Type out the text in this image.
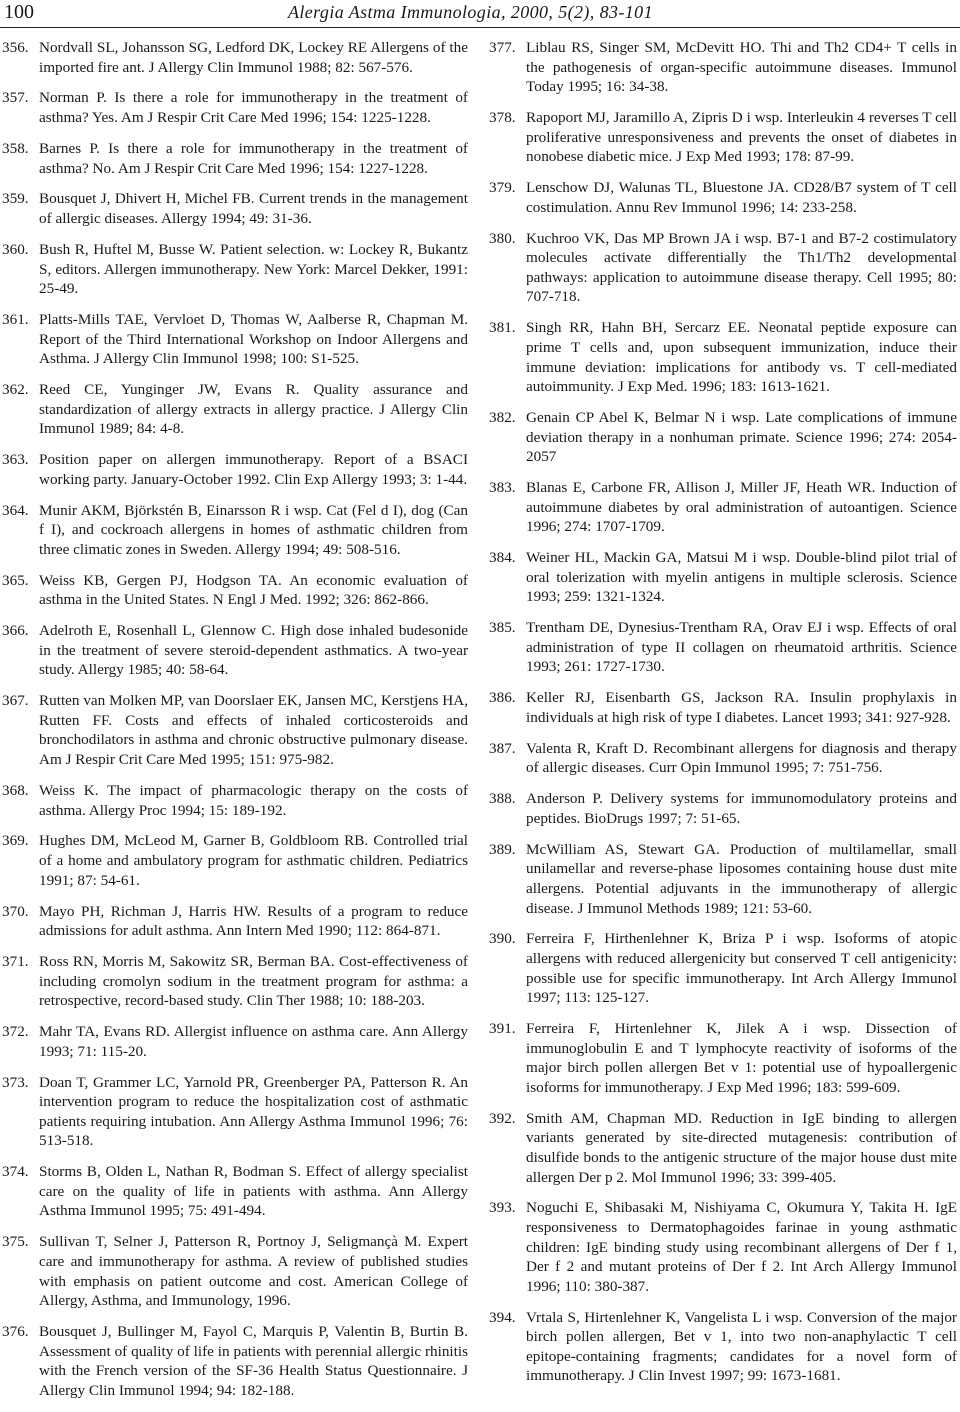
100	Alergia Astma Immunologia, 2000, 5(2), 83-101
356. Nordvall SL, Johansson SG, Ledford DK, Lockey RE Allergens of the imported fire ant. J Allergy Clin Immunol 1988; 82: 567-576.
357. Norman P. Is there a role for immunotherapy in the treatment of asthma? Yes. Am J Respir Crit Care Med 1996; 154: 1225-1228.
358. Barnes P. Is there a role for immunotherapy in the treatment of asthma? No. Am J Respir Crit Care Med 1996; 154: 1227-1228.
359. Bousquet J, Dhivert H, Michel FB. Current trends in the management of allergic diseases. Allergy 1994; 49: 31-36.
360. Bush R, Huftel M, Busse W. Patient selection. w: Lockey R, Bukantz S, editors. Allergen immunotherapy. New York: Marcel Dekker, 1991: 25-49.
361. Platts-Mills TAE, Vervloet D, Thomas W, Aalberse R, Chapman M. Report of the Third International Workshop on Indoor Allergens and Asthma. J Allergy Clin Immunol 1998; 100: S1-525.
362. Reed CE, Yunginger JW, Evans R. Quality assurance and standardization of allergy extracts in allergy practice. J Allergy Clin Immunol 1989; 84: 4-8.
363. Position paper on allergen immunotherapy. Report of a BSACI working party. January-October 1992. Clin Exp Allergy 1993; 3: 1-44.
364. Munir AKM, Björkstén B, Einarsson R i wsp. Cat (Fel d I), dog (Can f I), and cockroach allergens in homes of asthmatic children from three climatic zones in Sweden. Allergy 1994; 49: 508-516.
365. Weiss KB, Gergen PJ, Hodgson TA. An economic evaluation of asthma in the United States. N Engl J Med. 1992; 326: 862-866.
366. Adelroth E, Rosenhall L, Glennow C. High dose inhaled budesonide in the treatment of severe steroid-dependent asthmatics. A two-year study. Allergy 1985; 40: 58-64.
367. Rutten van Molken MP, van Doorslaer EK, Jansen MC, Kerstjens HA, Rutten FF. Costs and effects of inhaled corticosteroids and bronchodilators in asthma and chronic obstructive pulmonary disease. Am J Respir Crit Care Med 1995; 151: 975-982.
368. Weiss K. The impact of pharmacologic therapy on the costs of asthma. Allergy Proc 1994; 15: 189-192.
369. Hughes DM, McLeod M, Garner B, Goldbloom RB. Controlled trial of a home and ambulatory program for asthmatic children. Pediatrics 1991; 87: 54-61.
370. Mayo PH, Richman J, Harris HW. Results of a program to reduce admissions for adult asthma. Ann Intern Med 1990; 112: 864-871.
371. Ross RN, Morris M, Sakowitz SR, Berman BA. Cost-effectiveness of including cromolyn sodium in the treatment program for asthma: a retrospective, record-based study. Clin Ther 1988; 10: 188-203.
372. Mahr TA, Evans RD. Allergist influence on asthma care. Ann Allergy 1993; 71: 115-20.
373. Doan T, Grammer LC, Yarnold PR, Greenberger PA, Patterson R. An intervention program to reduce the hospitalization cost of asthmatic patients requiring intubation. Ann Allergy Asthma Immunol 1996; 76: 513-518.
374. Storms B, Olden L, Nathan R, Bodman S. Effect of allergy specialist care on the quality of life in patients with asthma. Ann Allergy Asthma Immunol 1995; 75: 491-494.
375. Sullivan T, Selner J, Patterson R, Portnoy J, Seligmançà M. Expert care and immunotherapy for asthma. A review of published studies with emphasis on patient outcome and cost. American College of Allergy, Asthma, and Immunology, 1996.
376. Bousquet J, Bullinger M, Fayol C, Marquis P, Valentin B, Burtin B. Assessment of quality of life in patients with perennial allergic rhinitis with the French version of the SF-36 Health Status Questionnaire. J Allergy Clin Immunol 1994; 94: 182-188.
377. Liblau RS, Singer SM, McDevitt HO. Thi and Th2 CD4+ T cells in the pathogenesis of organ-specific autoimmune diseases. Immunol Today 1995; 16: 34-38.
378. Rapoport MJ, Jaramillo A, Zipris D i wsp. Interleukin 4 reverses T cell proliferative unresponsiveness and prevents the onset of diabetes in nonobese diabetic mice. J Exp Med 1993; 178: 87-99.
379. Lenschow DJ, Walunas TL, Bluestone JA. CD28/B7 system of T cell costimulation. Annu Rev Immunol 1996; 14: 233-258.
380. Kuchroo VK, Das MP Brown JA i wsp. B7-1 and B7-2 costimulatory molecules activate differentially the Th1/Th2 developmental pathways: application to autoimmune disease therapy. Cell 1995; 80: 707-718.
381. Singh RR, Hahn BH, Sercarz EE. Neonatal peptide exposure can prime T cells and, upon subsequent immunization, induce their immune deviation: implications for antibody vs. T cell-mediated autoimmunity. J Exp Med. 1996; 183: 1613-1621.
382. Genain CP Abel K, Belmar N i wsp. Late complications of immune deviation therapy in a nonhuman primate. Science 1996; 274: 2054-2057
383. Blanas E, Carbone FR, Allison J, Miller JF, Heath WR. Induction of autoimmune diabetes by oral administration of autoantigen. Science 1996; 274: 1707-1709.
384. Weiner HL, Mackin GA, Matsui M i wsp. Double-blind pilot trial of oral tolerization with myelin antigens in multiple sclerosis. Science 1993; 259: 1321-1324.
385. Trentham DE, Dynesius-Trentham RA, Orav EJ i wsp. Effects of oral administration of type II collagen on rheumatoid arthritis. Science 1993; 261: 1727-1730.
386. Keller RJ, Eisenbarth GS, Jackson RA. Insulin prophylaxis in individuals at high risk of type I diabetes. Lancet 1993; 341: 927-928.
387. Valenta R, Kraft D. Recombinant allergens for diagnosis and therapy of allergic diseases. Curr Opin Immunol 1995; 7: 751-756.
388. Anderson P. Delivery systems for immunomodulatory proteins and peptides. BioDrugs 1997; 7: 51-65.
389. McWilliam AS, Stewart GA. Production of multilamellar, small unilamellar and reverse-phase liposomes containing house dust mite allergens. Potential adjuvants in the immunotherapy of allergic disease. J Immunol Methods 1989; 121: 53-60.
390. Ferreira F, Hirthenlehner K, Briza P i wsp. Isoforms of atopic allergens with reduced allergenicity but conserved T cell antigenicity: possible use for specific immunotherapy. Int Arch Allergy Immunol 1997; 113: 125-127.
391. Ferreira F, Hirtenlehner K, Jilek A i wsp. Dissection of immunoglobulin E and T lymphocyte reactivity of isoforms of the major birch pollen allergen Bet v 1: potential use of hypoallergenic isoforms for immunotherapy. J Exp Med 1996; 183: 599-609.
392. Smith AM, Chapman MD. Reduction in IgE binding to allergen variants generated by site-directed mutagenesis: contribution of disulfide bonds to the antigenic structure of the major house dust mite allergen Der p 2. Mol Immunol 1996; 33: 399-405.
393. Noguchi E, Shibasaki M, Nishiyama C, Okumura Y, Takita H. IgE responsiveness to Dermatophagoides farinae in young asthmatic children: IgE binding study using recombinant allergens of Der f 1, Der f 2 and mutant proteins of Der f 2. Int Arch Allergy Immunol 1996; 110: 380-387.
394. Vrtala S, Hirtenlehner K, Vangelista L i wsp. Conversion of the major birch pollen allergen, Bet v 1, into two non-anaphylactic T cell epitope-containing fragments; candidates for a novel form of immunotherapy. J Clin Invest 1997; 99: 1673-1681.
